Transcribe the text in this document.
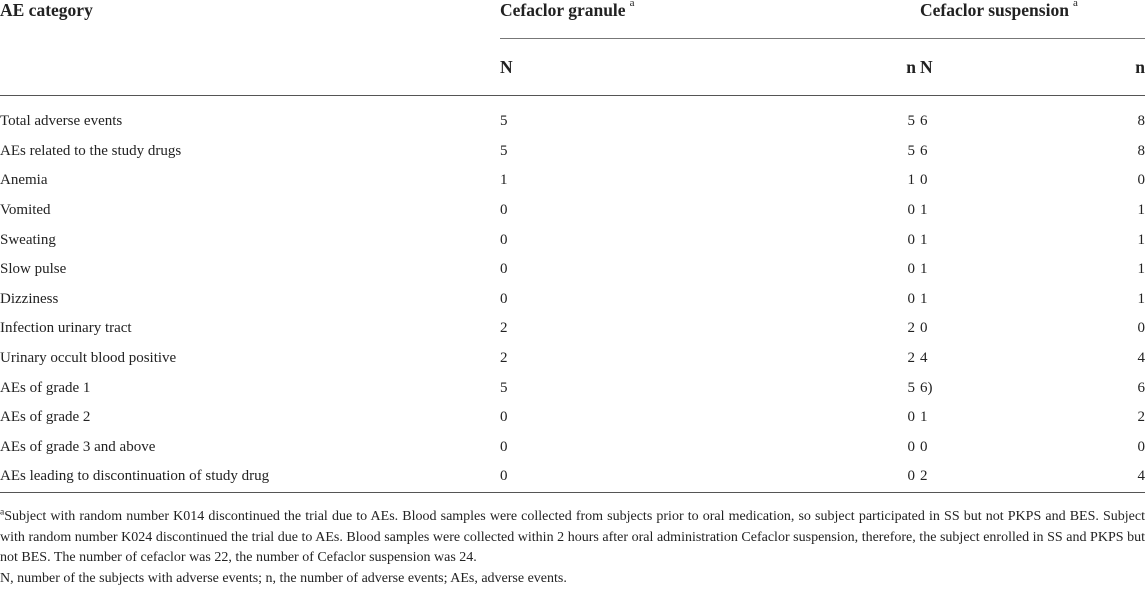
AE category	Cefaclor granule $^a$		Cefaclor suspension $^a$
	N	n	N	n

Total adverse events	5	5	6	8
AEs related to the study drugs	5	5	6	8
Anemia	1	1	0	0
Vomited	0	0	1	1
Sweating	0	0	1	1
Slow pulse	0	0	1	1
Dizziness	0	0	1	1
Infection urinary tract	2	2	0	0
Urinary occult blood positive	2	2	4	4
AEs of grade 1	5	5	6)	6
AEs of grade 2	0	0	1	2
AEs of grade 3 and above	0	0	0	0
AEs leading to discontinuation of study drug	0	0	2	4

$^a$Subject with random number K014 discontinued the trial due to AEs. Blood samples were collected from subjects prior to oral medication, so subject participated in SS but not PKPS and BES. Subject with random number K024 discontinued the trial due to AEs. Blood samples were collected within 2 hours after oral administration Cefaclor suspension, therefore, the subject enrolled in SS and PKPS but not BES. The number of cefaclor was 22, the number of Cefaclor suspension was 24.

N, number of the subjects with adverse events; n, the number of adverse events; AEs, adverse events.
